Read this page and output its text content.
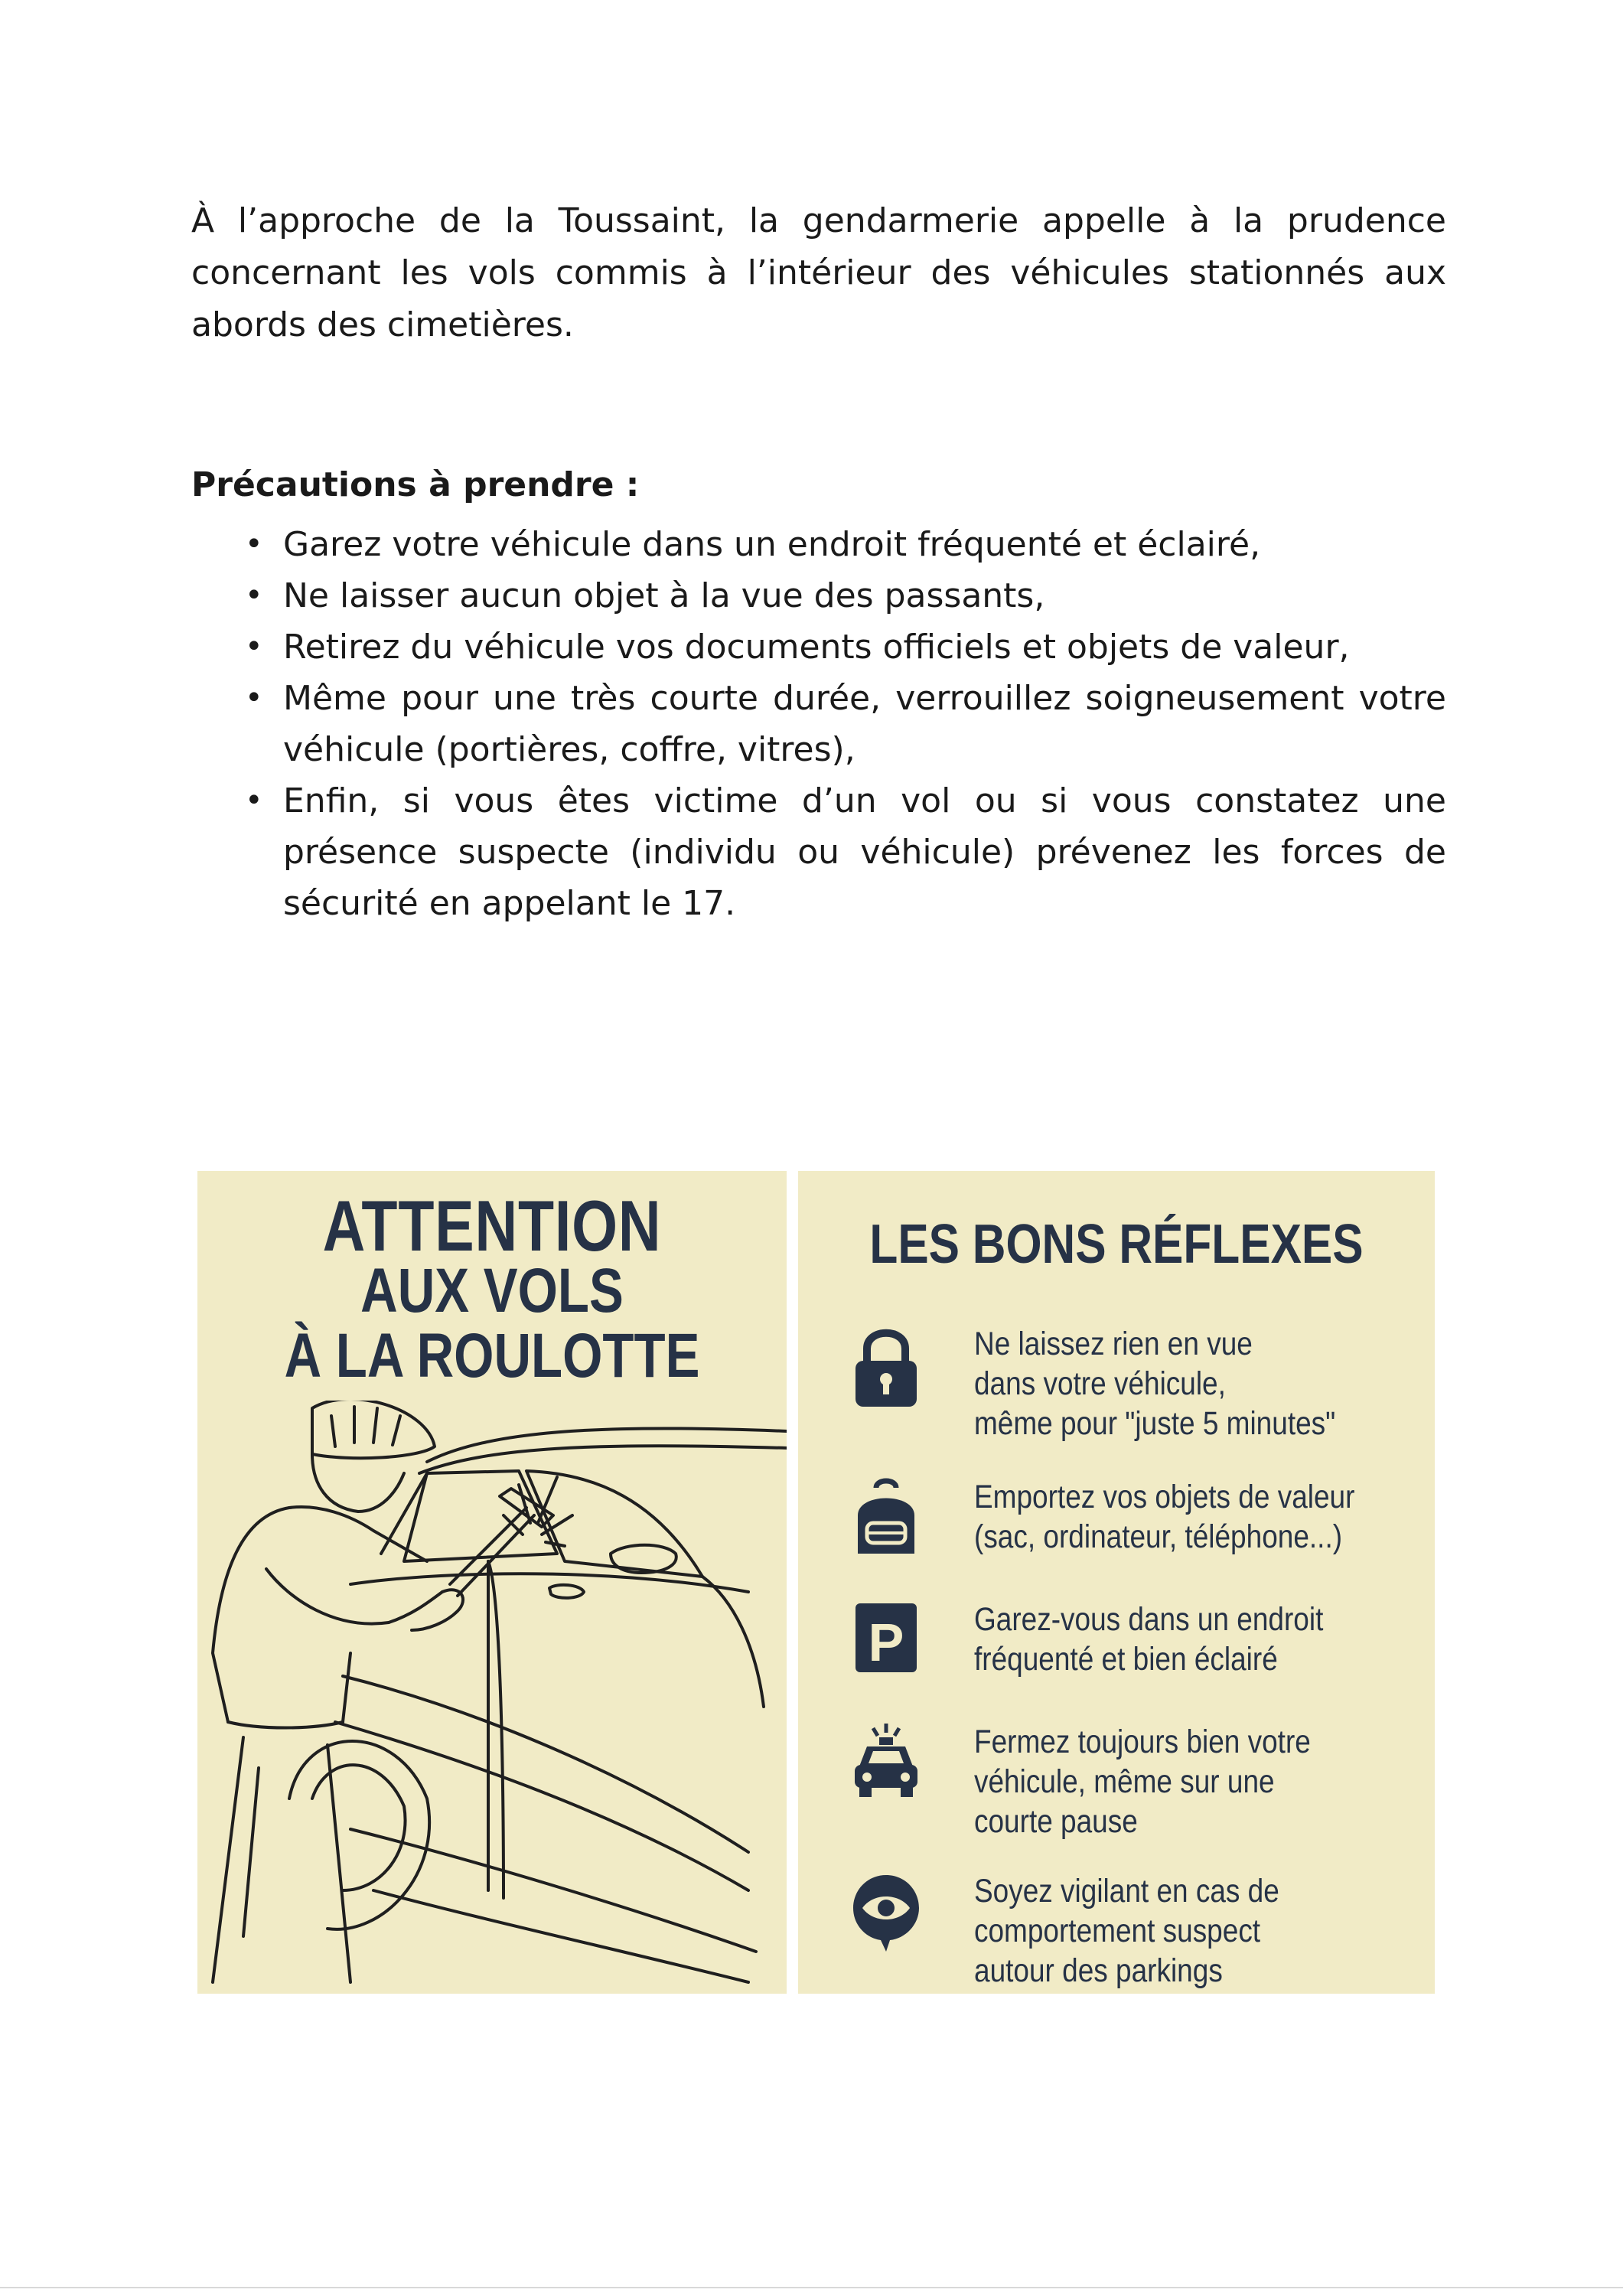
À l’approche de la Toussaint, la gendarmerie appelle à la prudence concernant les vols commis à l’intérieur des véhicules stationnés aux abords des cimetières.

Précautions à prendre :

• Garez votre véhicule dans un endroit fréquenté et éclairé,
• Ne laisser aucun objet à la vue des passants,
• Retirez du véhicule vos documents officiels et objets de valeur,
• Même pour une très courte durée, verrouillez soigneusement votre véhicule (portières, coffre, vitres),
• Enfin, si vous êtes victime d’un vol ou si vous constatez une présence suspecte (individu ou véhicule) prévenez les forces de sécurité en appelant le 17.
ATTENTION
AUX VOLS
À LA ROULOTTE
LES BONS RÉFLEXES

Ne laissez rien en vue
dans votre véhicule,
même pour "juste 5 minutes"

Emportez vos objets de valeur
(sac, ordinateur, téléphone...)

P Garez-vous dans un endroit
fréquenté et bien éclairé

Fermez toujours bien votre
véhicule, même sur une
courte pause

Soyez vigilant en cas de
comportement suspect
autour des parkings
